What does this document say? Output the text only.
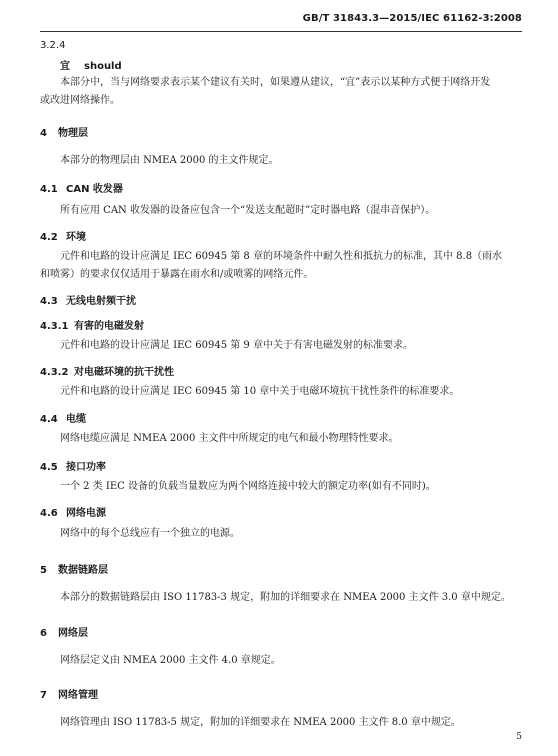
GB/T 31843.3—2015/IEC 61162-3:2008
3.2.4
宜 should
本部分中，当与网络要求表示某个建议有关时，如果遵从建议，“宜”表示以某种方式便于网络开发
或改进网络操作。
4 物理层
本部分的物理层由 NMEA 2000 的主文件规定。
4.1 CAN 收发器
所有应用 CAN 收发器的设备应包含一个“发送支配超时”定时器电路（混串音保护）。
4.2 环境
元件和电路的设计应满足 IEC 60945 第 8 章的环境条件中耐久性和抵抗力的标准，其中 8.8（雨水
和喷雾）的要求仅仅适用于暴露在雨水和/或喷雾的网络元件。
4.3 无线电射频干扰
4.3.1 有害的电磁发射
元件和电路的设计应满足 IEC 60945 第 9 章中关于有害电磁发射的标准要求。
4.3.2 对电磁环境的抗干扰性
元件和电路的设计应满足 IEC 60945 第 10 章中关于电磁环境抗干扰性条件的标准要求。
4.4 电缆
网络电缆应满足 NMEA 2000 主文件中所规定的电气和最小物理特性要求。
4.5 接口功率
一个 2 类 IEC 设备的负载当量数应为两个网络连接中较大的额定功率(如有不同时)。
4.6 网络电源
网络中的每个总线应有一个独立的电源。
5 数据链路层
本部分的数据链路层由 ISO 11783-3 规定，附加的详细要求在 NMEA 2000 主文件 3.0 章中规定。
6 网络层
网络层定义由 NMEA 2000 主文件 4.0 章规定。
7 网络管理
网络管理由 ISO 11783-5 规定，附加的详细要求在 NMEA 2000 主文件 8.0 章中规定。
5
